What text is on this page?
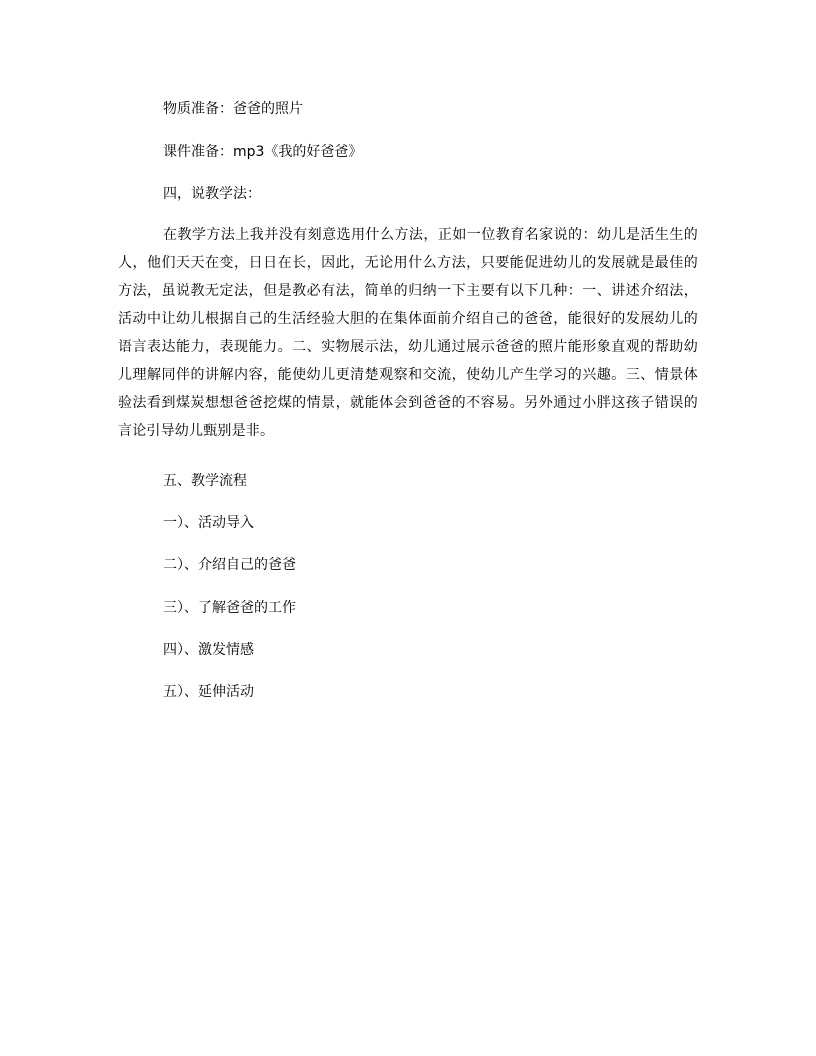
物质准备：爸爸的照片
课件准备：mp3《我的好爸爸》
四，说教学法：
在教学方法上我并没有刻意选用什么方法，正如一位教育名家说的：幼儿是活生生的人，他们天天在变，日日在长，因此，无论用什么方法，只要能促进幼儿的发展就是最佳的方法，虽说教无定法，但是教必有法，简单的归纳一下主要有以下几种：一、讲述介绍法，活动中让幼儿根据自己的生活经验大胆的在集体面前介绍自己的爸爸，能很好的发展幼儿的语言表达能力，表现能力。二、实物展示法，幼儿通过展示爸爸的照片能形象直观的帮助幼儿理解同伴的讲解内容，能使幼儿更清楚观察和交流，使幼儿产生学习的兴趣。三、情景体验法看到煤炭想想爸爸挖煤的情景，就能体会到爸爸的不容易。另外通过小胖这孩子错误的言论引导幼儿甄别是非。
五、教学流程
一）、活动导入
二）、介绍自己的爸爸
三）、了解爸爸的工作
四）、激发情感
五）、延伸活动
